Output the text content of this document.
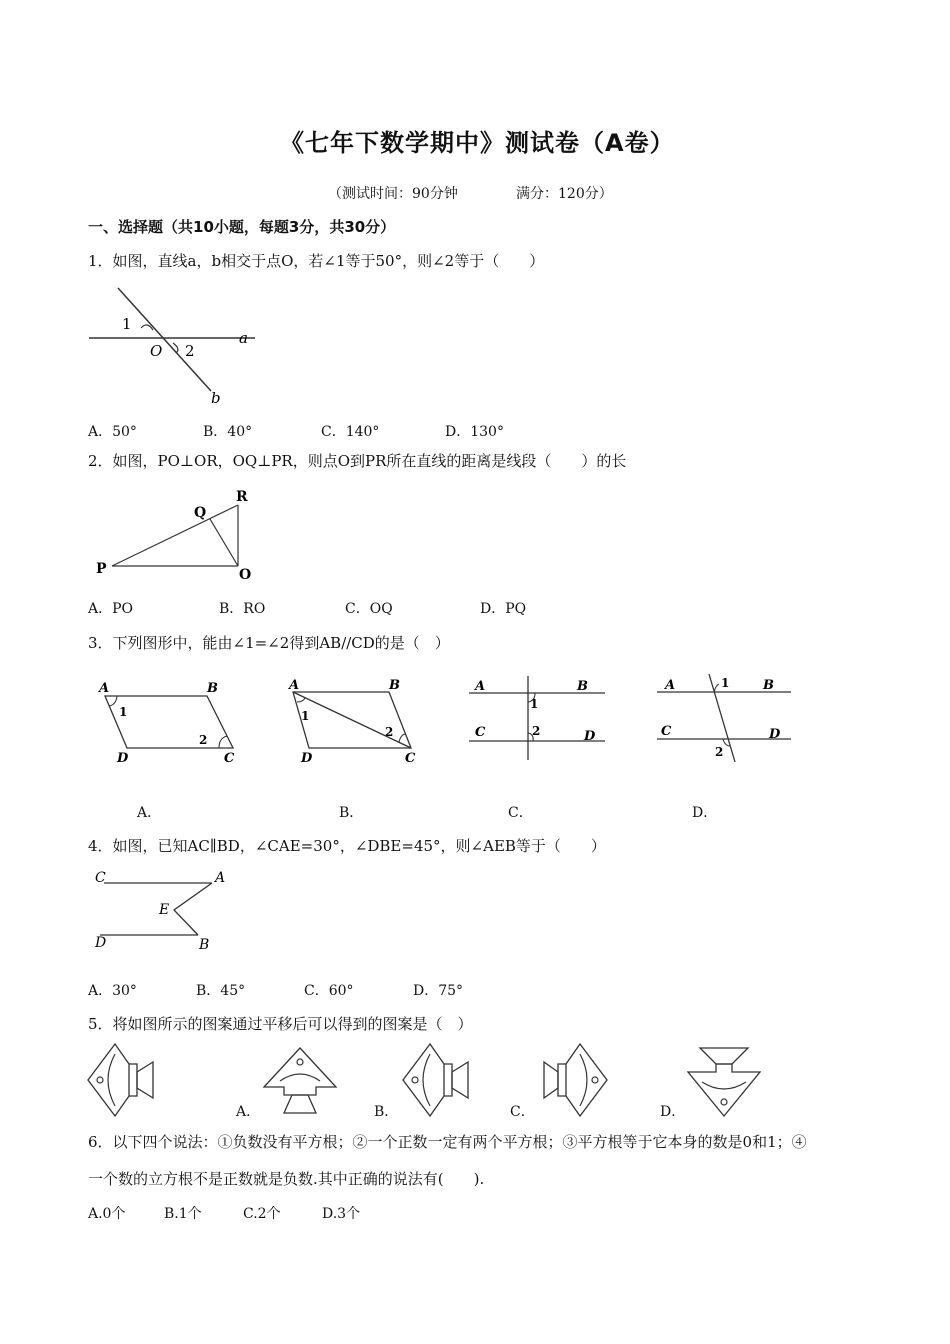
《七年下数学期中》测试卷（A卷）
（测试时间：90分钟	满分：120分）
一、选择题（共10小题，每题3分，共30分）
1．如图，直线a，b相交于点O，若∠1等于50°，则∠2等于（　　）
1
O 2
a
b
A．50°	B．40°	C．140°	D．130°
2．如图，PO⊥OR，OQ⊥PR，则点O到PR所在直线的距离是线段（　　）的长
P
Q
R
O
A．PO	B．RO	C．OQ	D．PQ
3．下列图形中，能由∠1=∠2得到AB//CD的是（　）
A	B
C
D
1
2
A	B
C
D
1
2
A	B
C	D
1
2
A	B
C	D
1
2
A．	B．	C．	D．
4．如图，已知AC∥BD，∠CAE=30°，∠DBE=45°，则∠AEB等于（　　）
C	A
E
D	B
A．30°	B．45°	C．60°	D．75°
5．将如图所示的图案通过平移后可以得到的图案是（　）
A．	B．	C．	D．
6．以下四个说法：①负数没有平方根；②一个正数一定有两个平方根；③平方根等于它本身的数是0和1；④
一个数的立方根不是正数就是负数.其中正确的说法有(　　).
A.0个	B.1个	C.2个	D.3个
